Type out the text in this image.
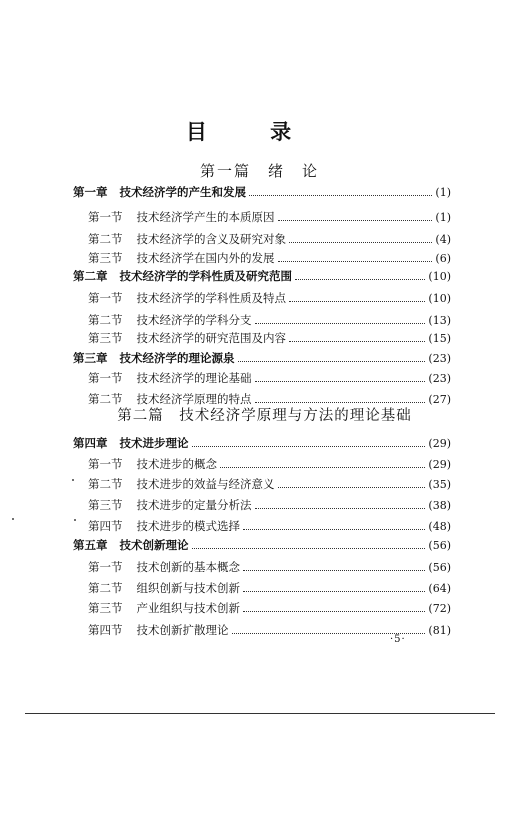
目 录
第一篇　绪　论
第二篇　技术经济学原理与方法的理论基础
第一章 技术经济学的产生和发展	(1)
第一节 技术经济学产生的本质原因	(1)
第二节 技术经济学的含义及研究对象	(4)
第三节 技术经济学在国内外的发展	(6)
第二章 技术经济学的学科性质及研究范围	(10)
第一节 技术经济学的学科性质及特点	(10)
第二节 技术经济学的学科分支	(13)
第三节 技术经济学的研究范围及内容	(15)
第三章 技术经济学的理论源泉	(23)
第一节 技术经济学的理论基础	(23)
第二节 技术经济学原理的特点	(27)
第四章 技术进步理论	(29)
第一节 技术进步的概念	(29)
第二节 技术进步的效益与经济意义	(35)
第三节 技术进步的定量分析法	(38)
第四节 技术进步的模式选择	(48)
第五章 技术创新理论	(56)
第一节 技术创新的基本概念	(56)
第二节 组织创新与技术创新	(64)
第三节 产业组织与技术创新	(72)
第四节 技术创新扩散理论	(81)
·5·
